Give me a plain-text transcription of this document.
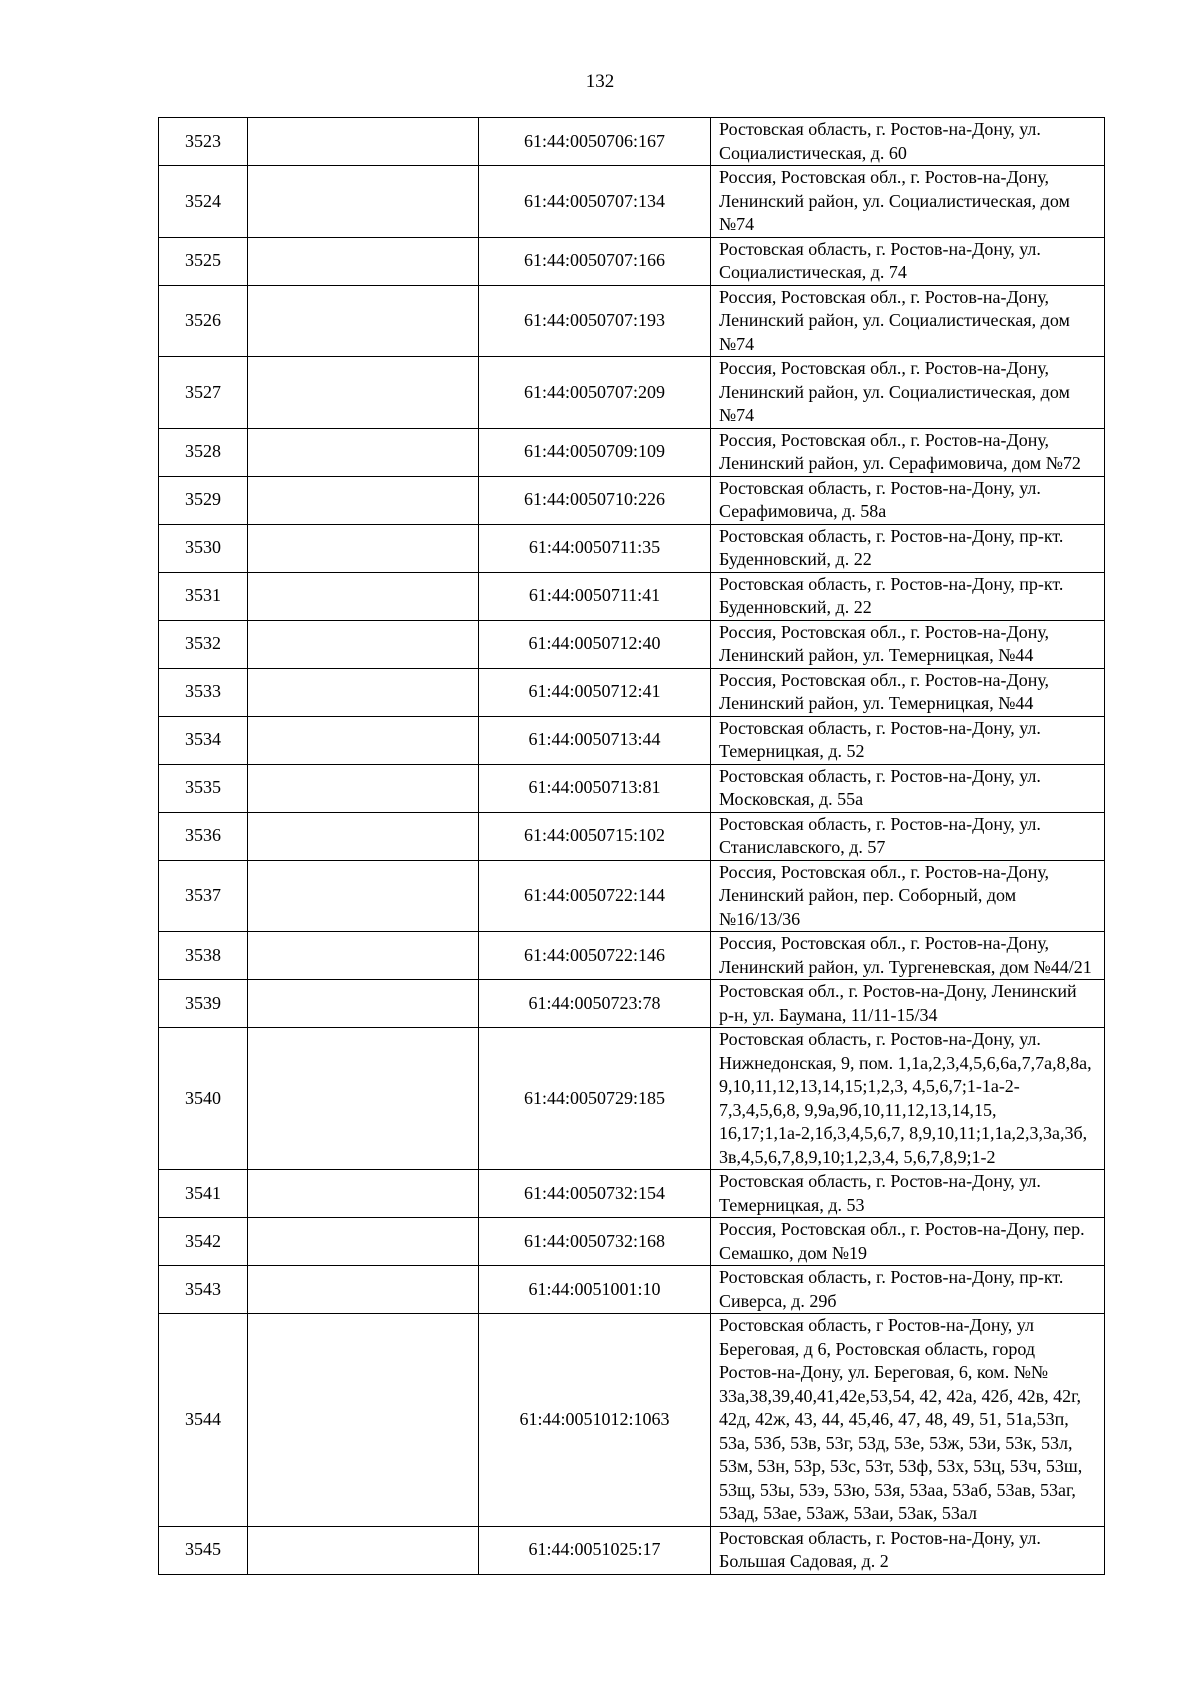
132
3523		61:44:0050706:167	Ростовская область, г. Ростов-на-Дону, ул. Социалистическая, д. 60
3524		61:44:0050707:134	Россия, Ростовская обл., г. Ростов-на-Дону, Ленинский район, ул. Социалистическая, дом №74
3525		61:44:0050707:166	Ростовская область, г. Ростов-на-Дону, ул. Социалистическая, д. 74
3526		61:44:0050707:193	Россия, Ростовская обл., г. Ростов-на-Дону, Ленинский район, ул. Социалистическая, дом №74
3527		61:44:0050707:209	Россия, Ростовская обл., г. Ростов-на-Дону, Ленинский район, ул. Социалистическая, дом №74
3528		61:44:0050709:109	Россия, Ростовская обл., г. Ростов-на-Дону, Ленинский район, ул. Серафимовича, дом №72
3529		61:44:0050710:226	Ростовская область, г. Ростов-на-Дону, ул. Серафимовича, д. 58а
3530		61:44:0050711:35	Ростовская область, г. Ростов-на-Дону, пр-кт. Буденновский, д. 22
3531		61:44:0050711:41	Ростовская область, г. Ростов-на-Дону, пр-кт. Буденновский, д. 22
3532		61:44:0050712:40	Россия, Ростовская обл., г. Ростов-на-Дону, Ленинский район, ул. Темерницкая, №44
3533		61:44:0050712:41	Россия, Ростовская обл., г. Ростов-на-Дону, Ленинский район, ул. Темерницкая, №44
3534		61:44:0050713:44	Ростовская область, г. Ростов-на-Дону, ул. Темерницкая, д. 52
3535		61:44:0050713:81	Ростовская область, г. Ростов-на-Дону, ул. Московская, д. 55а
3536		61:44:0050715:102	Ростовская область, г. Ростов-на-Дону, ул. Станиславского, д. 57
3537		61:44:0050722:144	Россия, Ростовская обл., г. Ростов-на-Дону, Ленинский район, пер. Соборный, дом №16/13/36
3538		61:44:0050722:146	Россия, Ростовская обл., г. Ростов-на-Дону, Ленинский район, ул. Тургеневская, дом №44/21
3539		61:44:0050723:78	Ростовская обл., г. Ростов-на-Дону, Ленинский р-н, ул. Баумана, 11/11-15/34
3540		61:44:0050729:185	Ростовская область, г. Ростов-на-Дону, ул. Нижнедонская, 9, пом. 1,1а,2,3,4,5,6,6а,7,7а,8,8а, 9,10,11,12,13,14,15;1,2,3, 4,5,6,7;1-1а-2-7,3,4,5,6,8, 9,9а,9б,10,11,12,13,14,15, 16,17;1,1а-2,1б,3,4,5,6,7, 8,9,10,11;1,1а,2,3,3а,3б, 3в,4,5,6,7,8,9,10;1,2,3,4, 5,6,7,8,9;1-2
3541		61:44:0050732:154	Ростовская область, г. Ростов-на-Дону, ул. Темерницкая, д. 53
3542		61:44:0050732:168	Россия, Ростовская обл., г. Ростов-на-Дону, пер. Семашко, дом №19
3543		61:44:0051001:10	Ростовская область, г. Ростов-на-Дону, пр-кт. Сиверса, д. 29б
3544		61:44:0051012:1063	Ростовская область, г Ростов-на-Дону, ул Береговая, д 6, Ростовская область, город Ростов-на-Дону, ул. Береговая, 6, ком. №№ 33а,38,39,40,41,42е,53,54, 42, 42а, 42б, 42в, 42г, 42д, 42ж, 43, 44, 45,46, 47, 48, 49, 51, 51а,53п, 53а, 53б, 53в, 53г, 53д, 53е, 53ж, 53и, 53к, 53л, 53м, 53н, 53р, 53с, 53т, 53ф, 53х, 53ц, 53ч, 53ш, 53щ, 53ы, 53э, 53ю, 53я, 53аа, 53аб, 53ав, 53аг, 53ад, 53ае, 53аж, 53аи, 53ак, 53ал
3545		61:44:0051025:17	Ростовская область, г. Ростов-на-Дону, ул. Большая Садовая, д. 2
